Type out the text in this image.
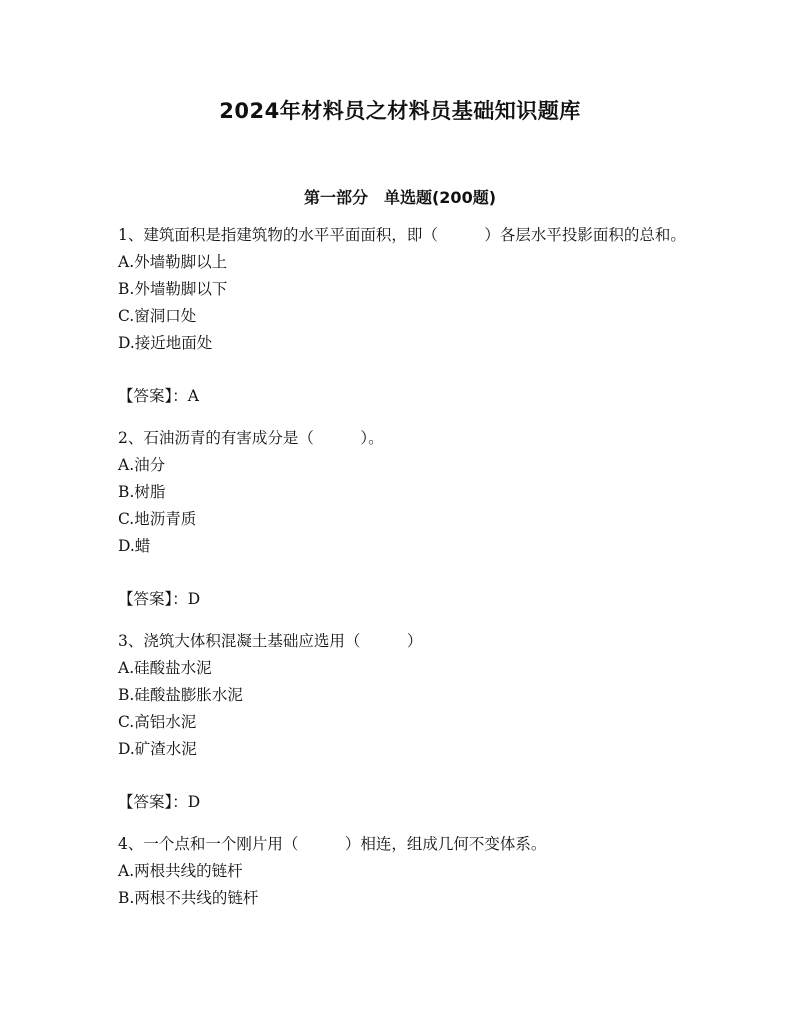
2024年材料员之材料员基础知识题库
第一部分　单选题(200题)

1、建筑面积是指建筑物的水平平面面积，即（　　　）各层水平投影面积的总和。

A.外墙勒脚以上

B.外墙勒脚以下

C.窗洞口处

D.接近地面处

【答案】：A

2、石油沥青的有害成分是（　　　）。

A.油分

B.树脂

C.地沥青质

D.蜡

【答案】：D

3、浇筑大体积混凝土基础应选用（　　　）

A.硅酸盐水泥

B.硅酸盐膨胀水泥

C.高铝水泥

D.矿渣水泥

【答案】：D

4、一个点和一个刚片用（　　　）相连，组成几何不变体系。

A.两根共线的链杆

B.两根不共线的链杆
